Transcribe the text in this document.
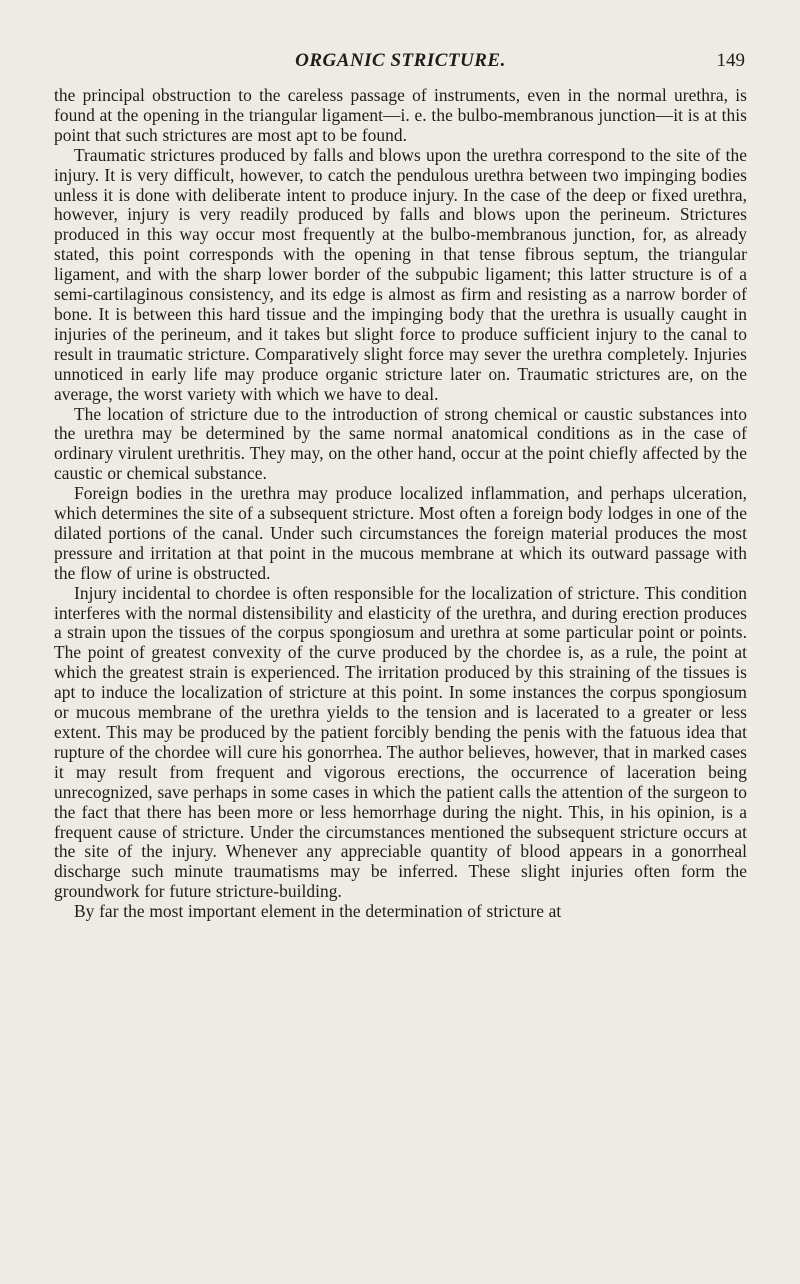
ORGANIC STRICTURE.	149

the principal obstruction to the careless passage of instruments, even in the normal urethra, is found at the opening in the triangular ligament—i. e. the bulbo-membranous junction—it is at this point that such strictures are most apt to be found.

Traumatic strictures produced by falls and blows upon the urethra correspond to the site of the injury. It is very difficult, however, to catch the pendulous urethra between two impinging bodies unless it is done with deliberate intent to produce injury. In the case of the deep or fixed urethra, however, injury is very readily produced by falls and blows upon the perineum. Strictures produced in this way occur most frequently at the bulbo-membranous junction, for, as already stated, this point corresponds with the opening in that tense fibrous septum, the triangular ligament, and with the sharp lower border of the subpubic ligament; this latter structure is of a semi-cartilaginous consistency, and its edge is almost as firm and resisting as a narrow border of bone. It is between this hard tissue and the impinging body that the urethra is usually caught in injuries of the perineum, and it takes but slight force to produce sufficient injury to the canal to result in traumatic stricture. Comparatively slight force may sever the urethra completely. Injuries unnoticed in early life may produce organic stricture later on. Traumatic strictures are, on the average, the worst variety with which we have to deal.

The location of stricture due to the introduction of strong chemical or caustic substances into the urethra may be determined by the same normal anatomical conditions as in the case of ordinary virulent urethritis. They may, on the other hand, occur at the point chiefly affected by the caustic or chemical substance.

Foreign bodies in the urethra may produce localized inflammation, and perhaps ulceration, which determines the site of a subsequent stricture. Most often a foreign body lodges in one of the dilated portions of the canal. Under such circumstances the foreign material produces the most pressure and irritation at that point in the mucous membrane at which its outward passage with the flow of urine is obstructed.

Injury incidental to chordee is often responsible for the localization of stricture. This condition interferes with the normal distensibility and elasticity of the urethra, and during erection produces a strain upon the tissues of the corpus spongiosum and urethra at some particular point or points. The point of greatest convexity of the curve produced by the chordee is, as a rule, the point at which the greatest strain is experienced. The irritation produced by this straining of the tissues is apt to induce the localization of stricture at this point. In some instances the corpus spongiosum or mucous membrane of the urethra yields to the tension and is lacerated to a greater or less extent. This may be produced by the patient forcibly bending the penis with the fatuous idea that rupture of the chordee will cure his gonorrhea. The author believes, however, that in marked cases it may result from frequent and vigorous erections, the occurrence of laceration being unrecognized, save perhaps in some cases in which the patient calls the attention of the surgeon to the fact that there has been more or less hemorrhage during the night. This, in his opinion, is a frequent cause of stricture. Under the circumstances mentioned the subsequent stricture occurs at the site of the injury. Whenever any appreciable quantity of blood appears in a gonorrheal discharge such minute traumatisms may be inferred. These slight injuries often form the groundwork for future stricture-building.

By far the most important element in the determination of stricture at
